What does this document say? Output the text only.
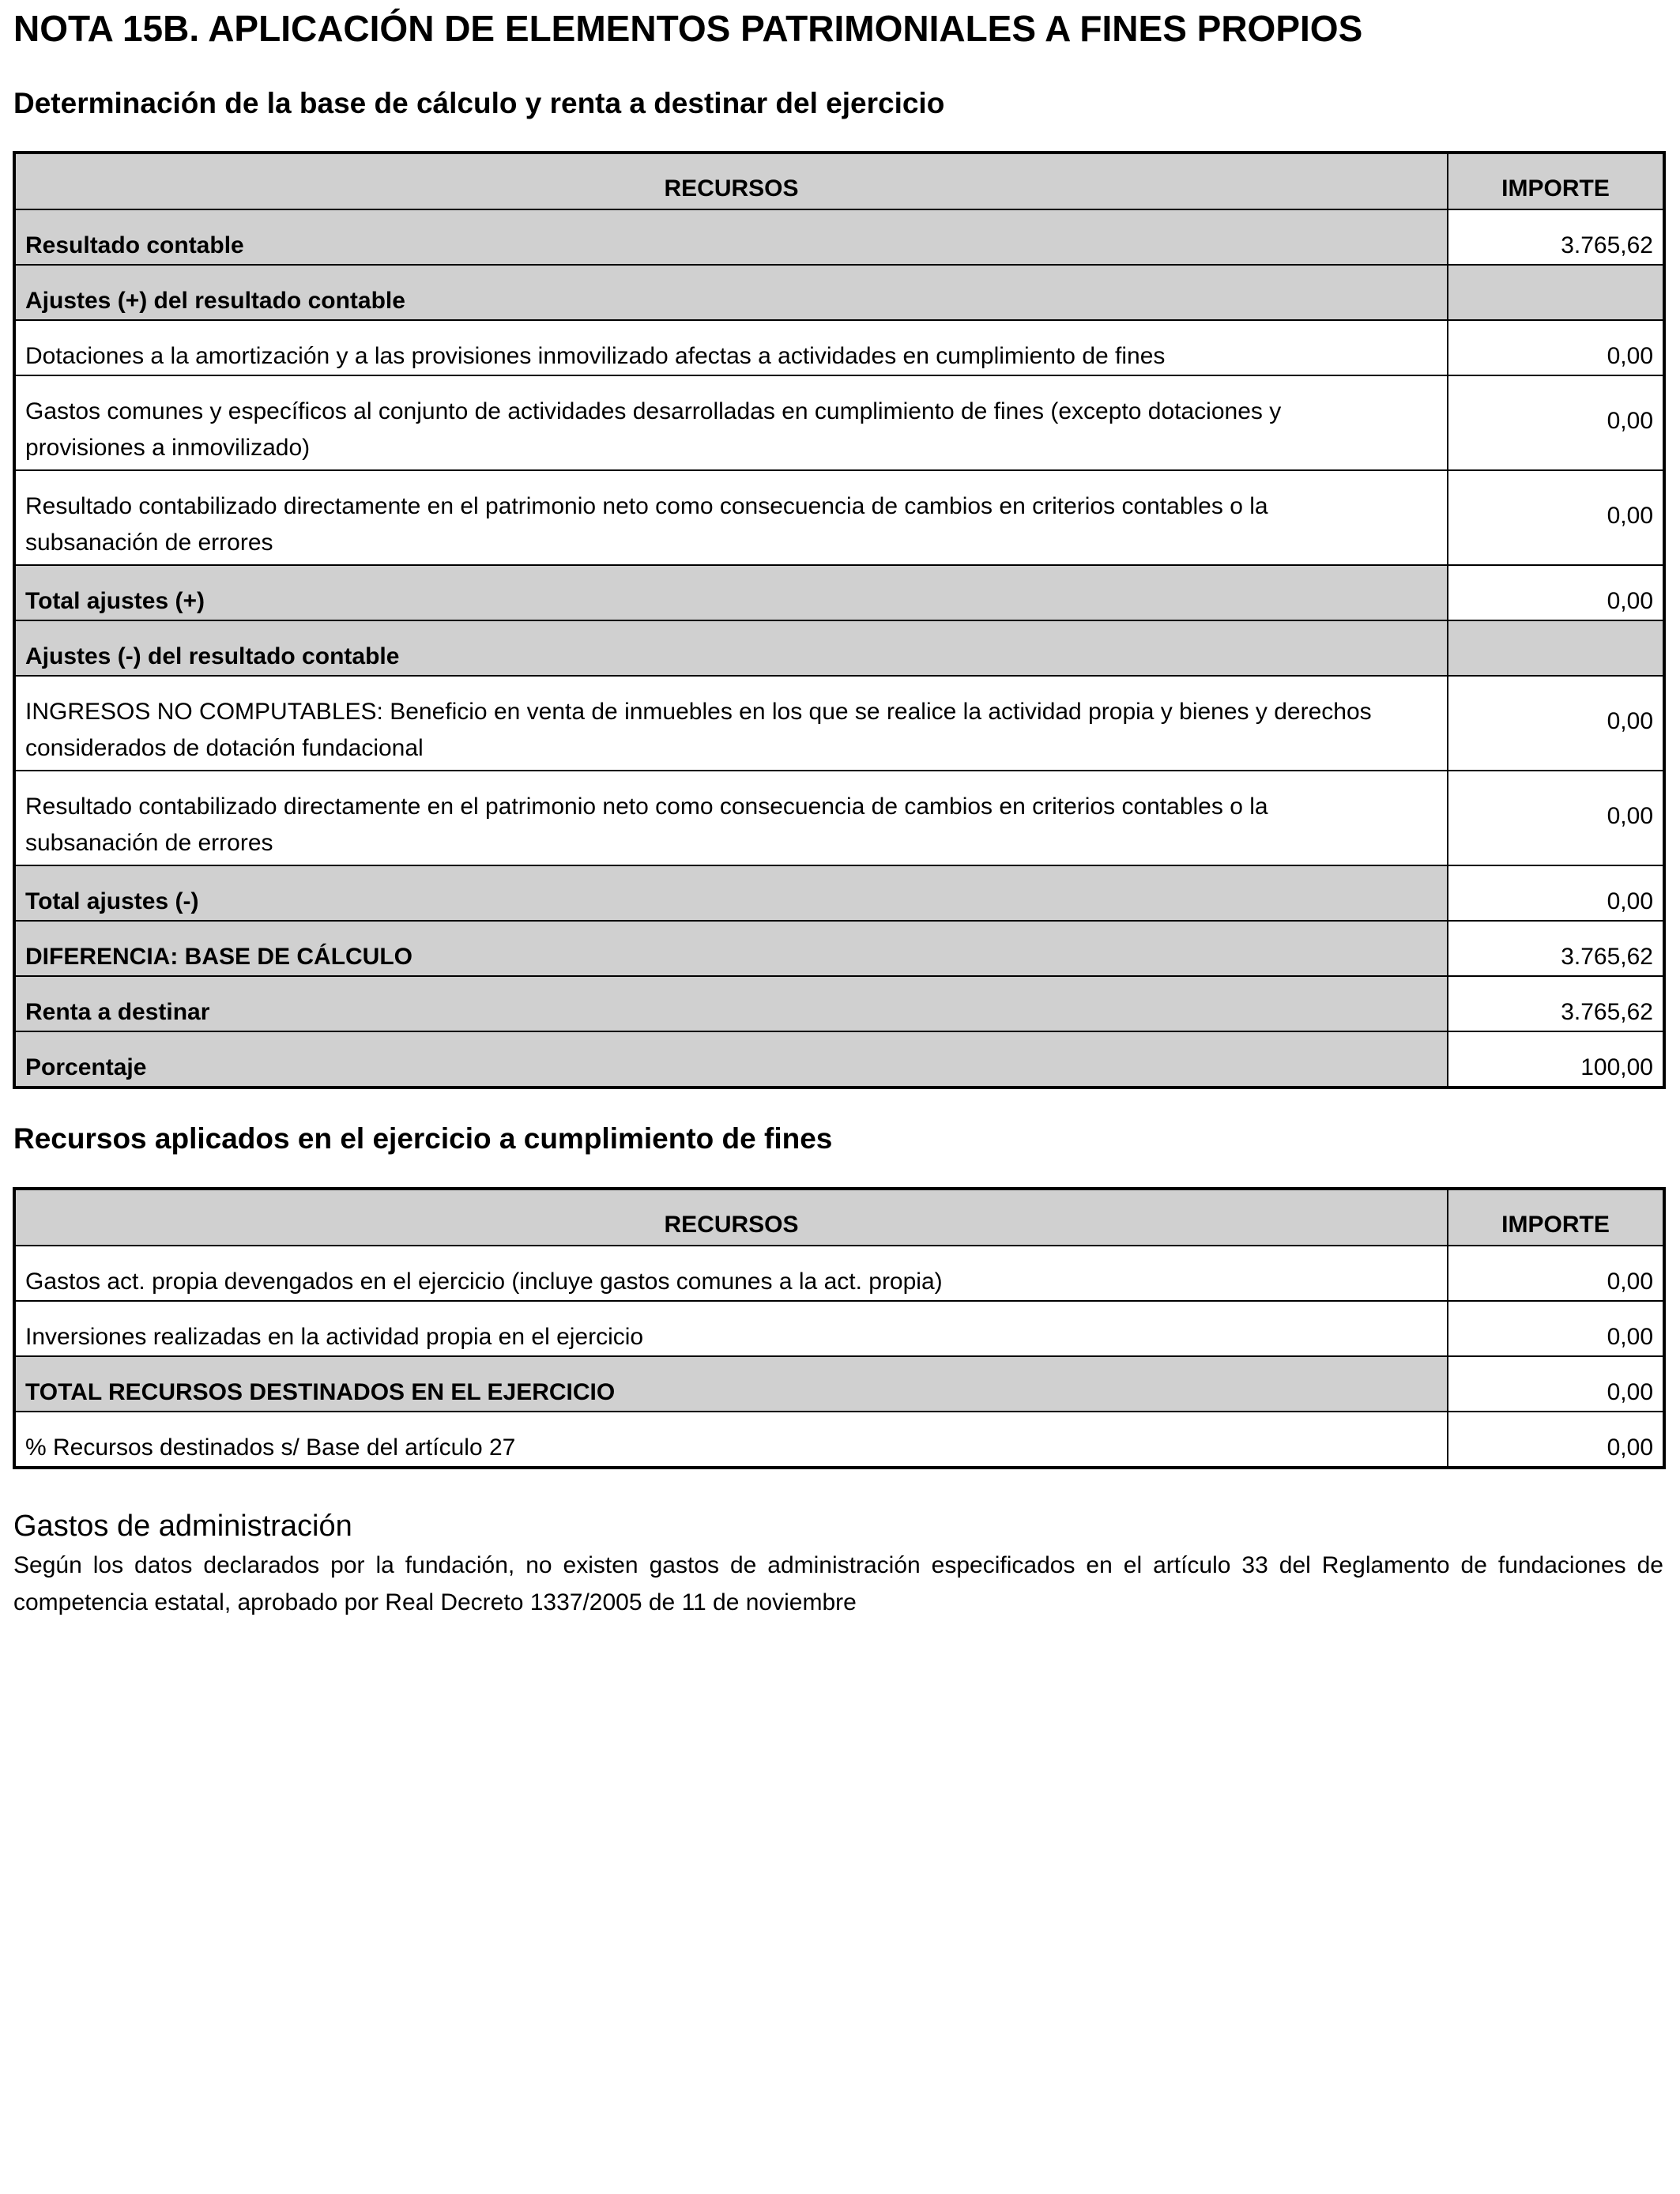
NOTA 15B. APLICACIÓN DE ELEMENTOS PATRIMONIALES A FINES PROPIOS
Determinación de la base de cálculo y renta a destinar del ejercicio
RECURSOS	IMPORTE
Resultado contable	3.765,62
Ajustes (+) del resultado contable	
Dotaciones a la amortización y a las provisiones inmovilizado afectas a actividades en cumplimiento de fines	0,00
Gastos comunes y específicos al conjunto de actividades desarrolladas en cumplimiento de fines (excepto dotaciones y
provisiones a inmovilizado)	0,00
Resultado contabilizado directamente en el patrimonio neto como consecuencia de cambios en criterios contables o la
subsanación de errores	0,00
Total ajustes (+)	0,00
Ajustes (-) del resultado contable	
INGRESOS NO COMPUTABLES: Beneficio en venta de inmuebles en los que se realice la actividad propia y bienes y derechos
considerados de dotación fundacional	0,00
Resultado contabilizado directamente en el patrimonio neto como consecuencia de cambios en criterios contables o la
subsanación de errores	0,00
Total ajustes (-)	0,00
DIFERENCIA: BASE DE CÁLCULO	3.765,62
Renta a destinar	3.765,62
Porcentaje	100,00
Recursos aplicados en el ejercicio a cumplimiento de fines
RECURSOS	IMPORTE
Gastos act. propia devengados en el ejercicio (incluye gastos comunes a la act. propia)	0,00
Inversiones realizadas en la actividad propia en el ejercicio	0,00
TOTAL RECURSOS DESTINADOS EN EL EJERCICIO	0,00
% Recursos destinados s/ Base del artículo 27	0,00
Gastos de administración
Según los datos declarados por la fundación, no existen gastos de administración especificados en el artículo 33 del Reglamento de fundaciones de competencia estatal, aprobado por Real Decreto 1337/2005 de 11 de noviembre
